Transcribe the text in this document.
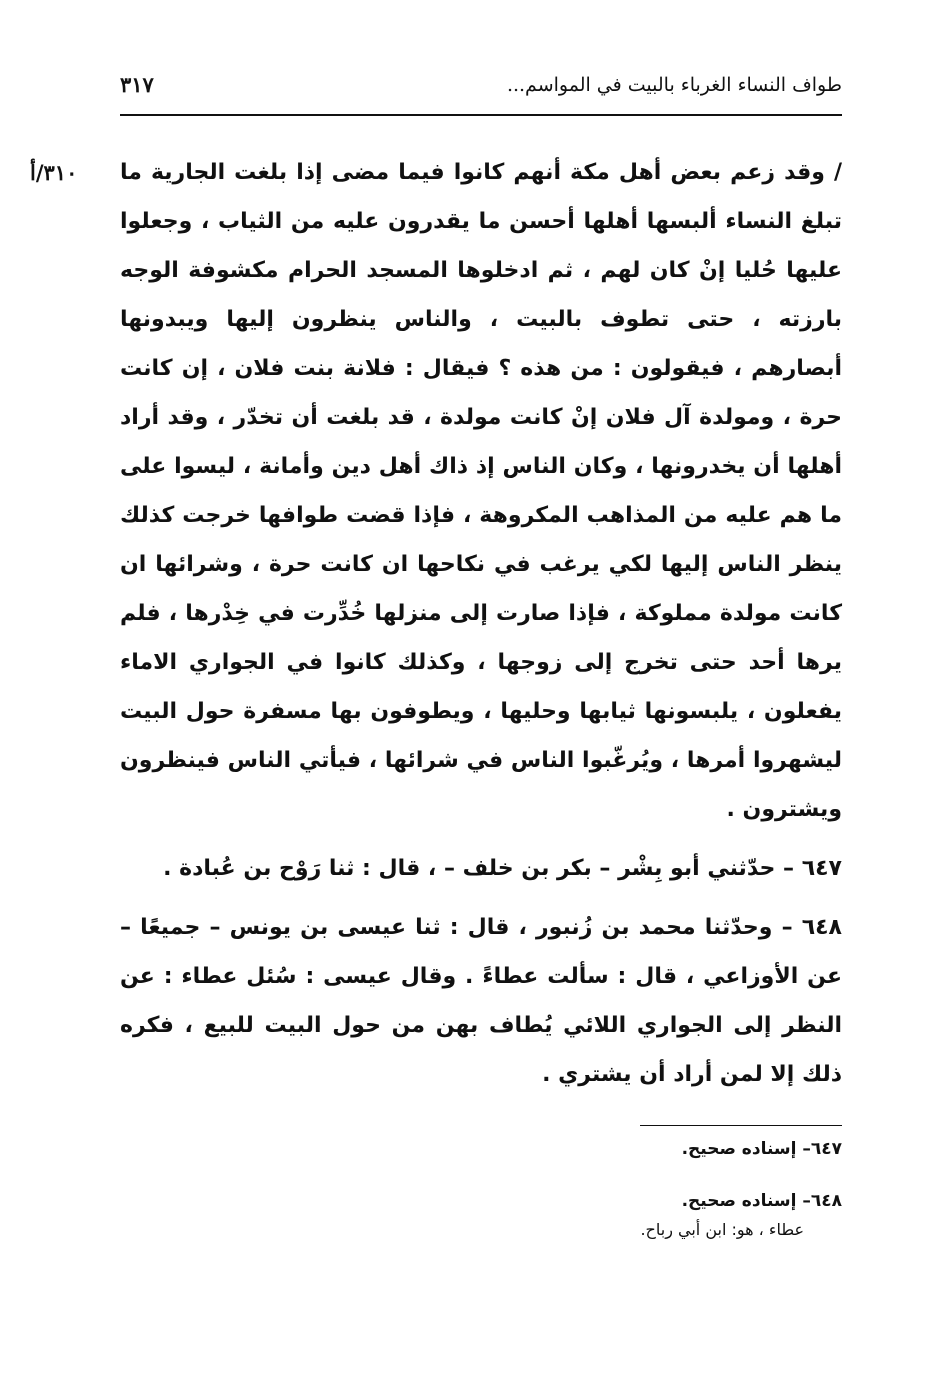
طواف النساء الغرباء بالبيت في المواسم...
٣١٧
٣١٠/أ / وقد زعم بعض أهل مكة أنهم كانوا فيما مضى إذا بلغت الجارية ما تبلغ النساء ألبسها أهلها أحسن ما يقدرون عليه من الثياب ، وجعلوا عليها حُليا إنْ كان لهم ، ثم ادخلوها المسجد الحرام مكشوفة الوجه بارزته ، حتى تطوف بالبيت ، والناس ينظرون إليها ويبدونها أبصارهم ، فيقولون : من هذه ؟ فيقال : فلانة بنت فلان ، إن كانت حرة ، ومولدة آل فلان إنْ كانت مولدة ، قد بلغت أن تخدّر ، وقد أراد أهلها أن يخدرونها ، وكان الناس إذ ذاك أهل دين وأمانة ، ليسوا على ما هم عليه من المذاهب المكروهة ، فإذا قضت طوافها خرجت كذلك ينظر الناس إليها لكي يرغب في نكاحها ان كانت حرة ، وشرائها ان كانت مولدة مملوكة ، فإذا صارت إلى منزلها خُدِّرت في خِدْرها ، فلم يرها أحد حتى تخرج إلى زوجها ، وكذلك كانوا في الجواري الاماء يفعلون ، يلبسونها ثيابها وحليها ، ويطوفون بها مسفرة حول البيت ليشهروا أمرها ، ويُرغّبوا الناس في شرائها ، فيأتي الناس فينظرون ويشترون .

٦٤٧ – حدّثني أبو بِشْر – بكر بن خلف – ، قال : ثنا رَوْح بن عُبادة .

٦٤٨ – وحدّثنا محمد بن زُنبور ، قال : ثنا عيسى بن يونس – جميعًا – عن الأوزاعي ، قال : سألت عطاءً . وقال عيسى : سُئل عطاء : عن النظر إلى الجواري اللائي يُطاف بهن من حول البيت للبيع ، فكره ذلك إلا لمن أراد أن يشتري .

٦٤٧– إسناده صحيح.
٦٤٨– إسناده صحيح.
عطاء ، هو: ابن أبي رباح.
